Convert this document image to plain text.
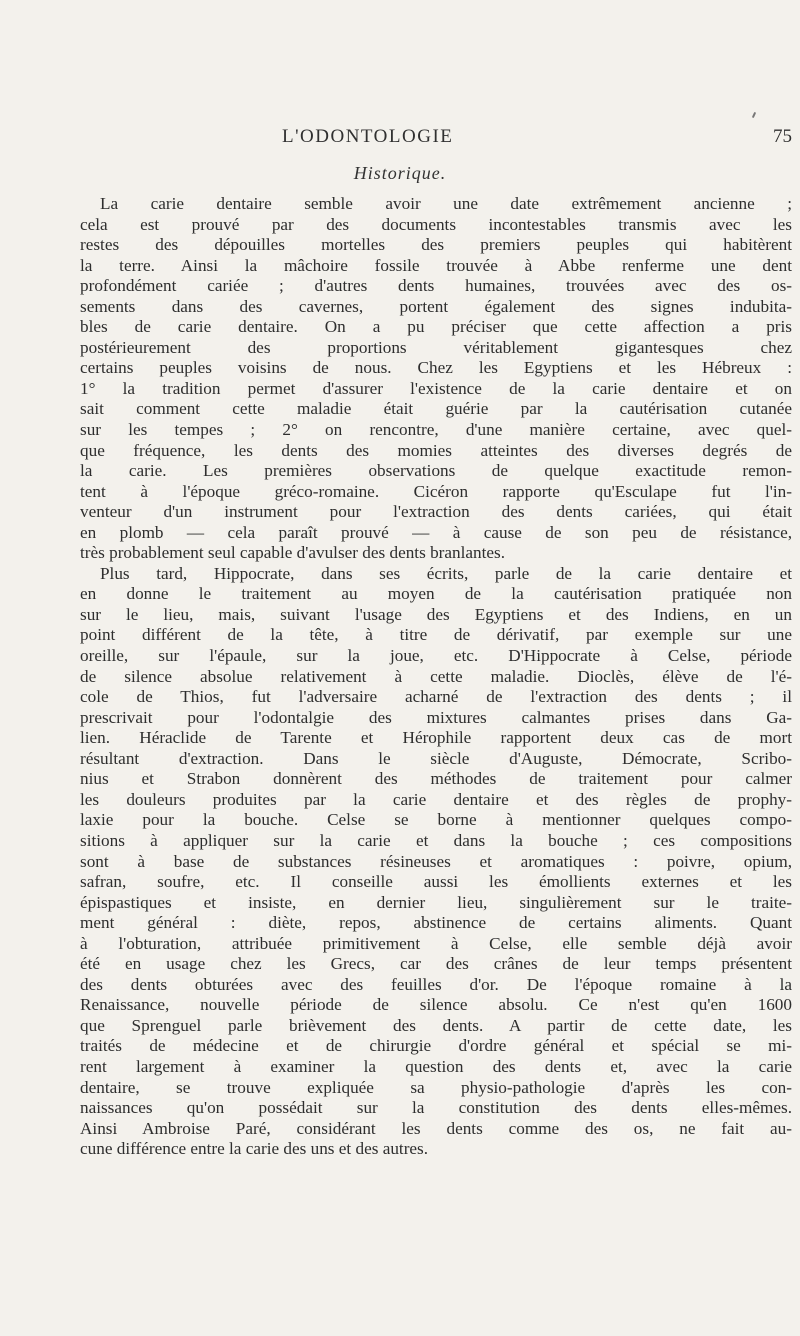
L'ODONTOLOGIE	75
Historique.
La carie dentaire semble avoir une date extrêmement ancienne ;
cela est prouvé par des documents incontestables transmis avec les
restes des dépouilles mortelles des premiers peuples qui habitèrent
la terre. Ainsi la mâchoire fossile trouvée à Abbe renferme une dent
profondément cariée ; d'autres dents humaines, trouvées avec des os-
sements dans des cavernes, portent également des signes indubita-
bles de carie dentaire. On a pu préciser que cette affection a pris
postérieurement des proportions véritablement gigantesques chez
certains peuples voisins de nous. Chez les Egyptiens et les Hébreux :
1° la tradition permet d'assurer l'existence de la carie dentaire et on
sait comment cette maladie était guérie par la cautérisation cutanée
sur les tempes ; 2° on rencontre, d'une manière certaine, avec quel-
que fréquence, les dents des momies atteintes des diverses degrés de
la carie. Les premières observations de quelque exactitude remon-
tent à l'époque gréco-romaine. Cicéron rapporte qu'Esculape fut l'in-
venteur d'un instrument pour l'extraction des dents cariées, qui était
en plomb — cela paraît prouvé — à cause de son peu de résistance,
très probablement seul capable d'avulser des dents branlantes.
Plus tard, Hippocrate, dans ses écrits, parle de la carie dentaire et
en donne le traitement au moyen de la cautérisation pratiquée non
sur le lieu, mais, suivant l'usage des Egyptiens et des Indiens, en un
point différent de la tête, à titre de dérivatif, par exemple sur une
oreille, sur l'épaule, sur la joue, etc. D'Hippocrate à Celse, période
de silence absolue relativement à cette maladie. Dioclès, élève de l'é-
cole de Thios, fut l'adversaire acharné de l'extraction des dents ; il
prescrivait pour l'odontalgie des mixtures calmantes prises dans Ga-
lien. Héraclide de Tarente et Hérophile rapportent deux cas de mort
résultant d'extraction. Dans le siècle d'Auguste, Démocrate, Scribo-
nius et Strabon donnèrent des méthodes de traitement pour calmer
les douleurs produites par la carie dentaire et des règles de prophy-
laxie pour la bouche. Celse se borne à mentionner quelques compo-
sitions à appliquer sur la carie et dans la bouche ; ces compositions
sont à base de substances résineuses et aromatiques : poivre, opium,
safran, soufre, etc. Il conseille aussi les émollients externes et les
épispastiques et insiste, en dernier lieu, singulièrement sur le traite-
ment général : diète, repos, abstinence de certains aliments. Quant
à l'obturation, attribuée primitivement à Celse, elle semble déjà avoir
été en usage chez les Grecs, car des crânes de leur temps présentent
des dents obturées avec des feuilles d'or. De l'époque romaine à la
Renaissance, nouvelle période de silence absolu. Ce n'est qu'en 1600
que Sprenguel parle brièvement des dents. A partir de cette date, les
traités de médecine et de chirurgie d'ordre général et spécial se mi-
rent largement à examiner la question des dents et, avec la carie
dentaire, se trouve expliquée sa physio-pathologie d'après les con-
naissances qu'on possédait sur la constitution des dents elles-mêmes.
Ainsi Ambroise Paré, considérant les dents comme des os, ne fait au-
cune différence entre la carie des uns et des autres.
